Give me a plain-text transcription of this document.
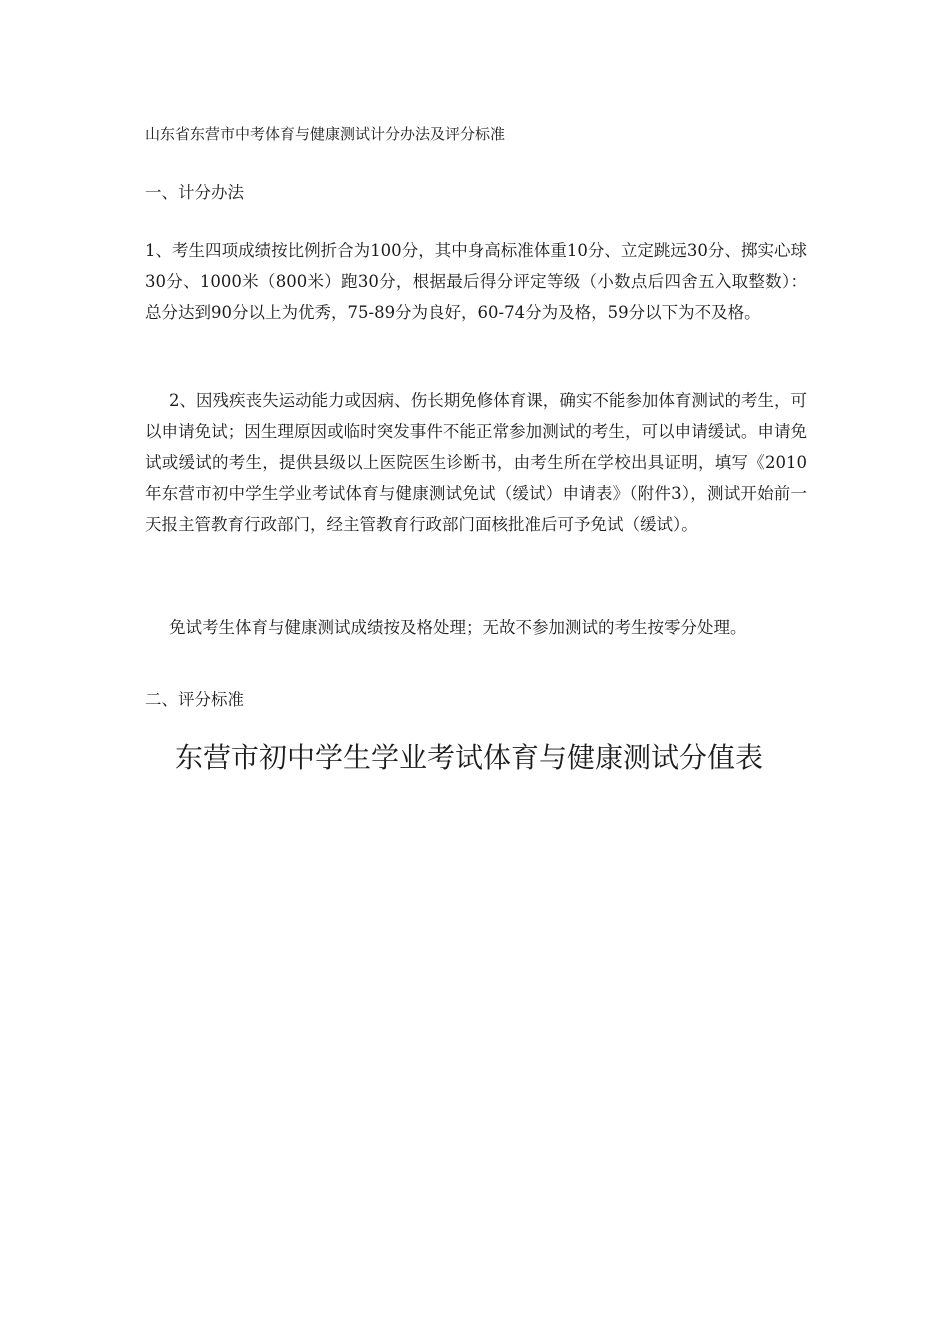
山东省东营市中考体育与健康测试计分办法及评分标准
一、计分办法

1、考生四项成绩按比例折合为100分，其中身高标准体重10分、立定跳远30分、掷实心球30分、1000米（800米）跑30分，根据最后得分评定等级（小数点后四舍五入取整数）：总分达到90分以上为优秀，75-89分为良好，60-74分为及格，59分以下为不及格。

2、因残疾丧失运动能力或因病、伤长期免修体育课，确实不能参加体育测试的考生，可以申请免试；因生理原因或临时突发事件不能正常参加测试的考生，可以申请缓试。申请免试或缓试的考生，提供县级以上医院医生诊断书，由考生所在学校出具证明，填写《2010年东营市初中学生学业考试体育与健康测试免试（缓试）申请表》（附件3），测试开始前一天报主管教育行政部门，经主管教育行政部门面核批准后可予免试（缓试）。

免试考生体育与健康测试成绩按及格处理；无故不参加测试的考生按零分处理。

二、评分标准
东营市初中学生学业考试体育与健康测试分值表
